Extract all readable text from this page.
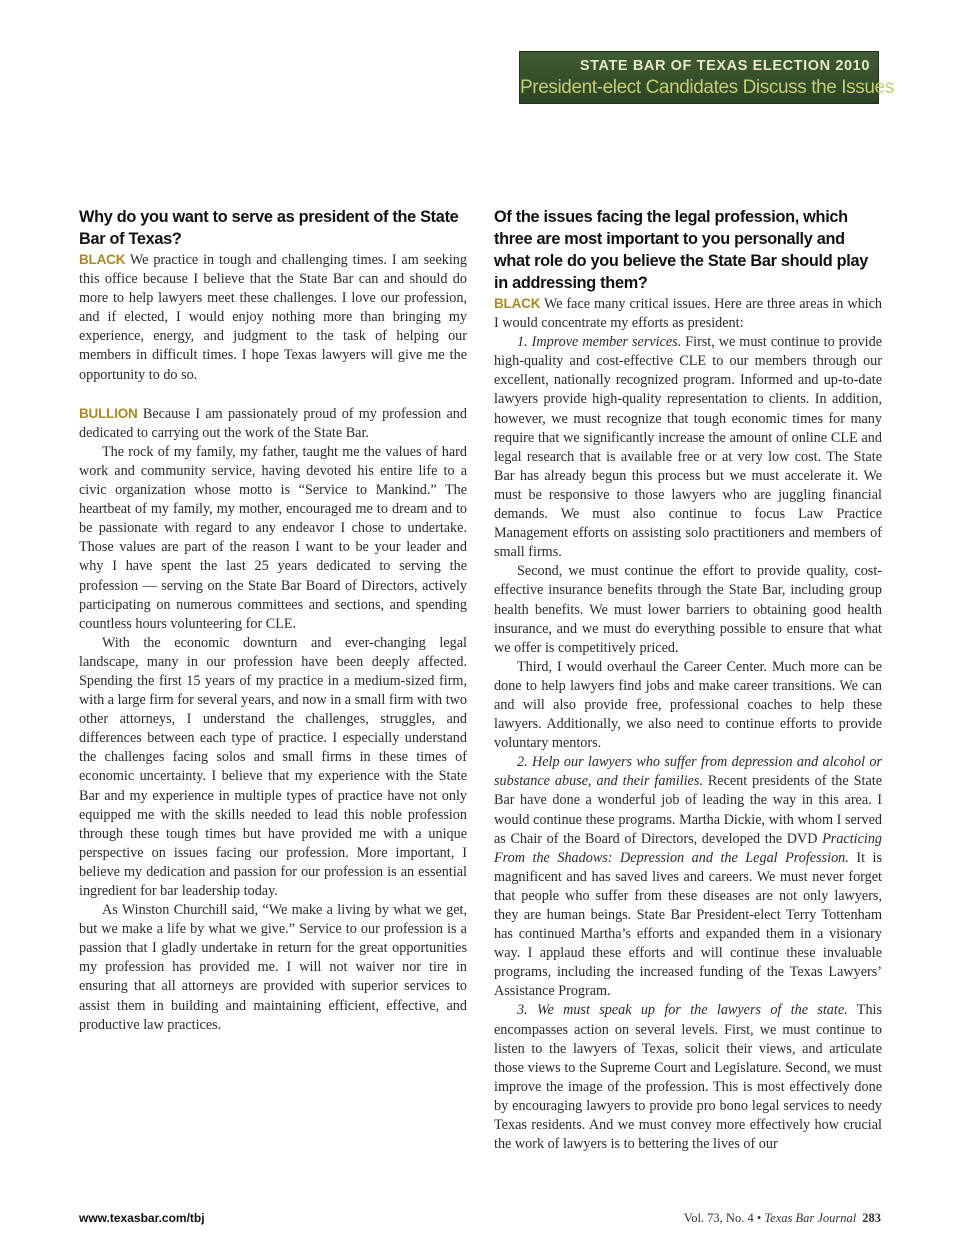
STATE BAR OF TEXAS ELECTION 2010
President-elect Candidates Discuss the Issues
Why do you want to serve as president of the State Bar of Texas?

BLACK We practice in tough and challenging times. I am seeking this office because I believe that the State Bar can and should do more to help lawyers meet these challenges. I love our profession, and if elected, I would enjoy nothing more than bringing my experience, energy, and judgment to the task of helping our members in difficult times. I hope Texas lawyers will give me the opportunity to do so.

BULLION Because I am passionately proud of my profession and dedicated to carrying out the work of the State Bar.

The rock of my family, my father, taught me the values of hard work and community service, having devoted his entire life to a civic organization whose motto is “Service to Mankind.” The heartbeat of my family, my mother, encouraged me to dream and to be passionate with regard to any endeavor I chose to undertake. Those values are part of the reason I want to be your leader and why I have spent the last 25 years dedicated to serving the profession — serving on the State Bar Board of Directors, actively participating on numerous committees and sections, and spending countless hours volunteering for CLE.

With the economic downturn and ever-changing legal landscape, many in our profession have been deeply affected. Spending the first 15 years of my practice in a medium-sized firm, with a large firm for several years, and now in a small firm with two other attorneys, I understand the challenges, struggles, and differences between each type of practice. I especially understand the challenges facing solos and small firms in these times of economic uncertainty. I believe that my experience with the State Bar and my experience in multiple types of practice have not only equipped me with the skills needed to lead this noble profession through these tough times but have provided me with a unique perspective on issues facing our profession. More important, I believe my dedication and passion for our profession is an essential ingredient for bar leadership today.

As Winston Churchill said, “We make a living by what we get, but we make a life by what we give.” Service to our profession is a passion that I gladly undertake in return for the great opportunities my profession has provided me. I will not waiver nor tire in ensuring that all attorneys are provided with superior services to assist them in building and maintaining efficient, effective, and productive law practices.

Of the issues facing the legal profession, which three are most important to you personally and what role do you believe the State Bar should play in addressing them?

BLACK We face many critical issues. Here are three areas in which I would concentrate my efforts as president:

1. Improve member services. First, we must continue to provide high-quality and cost-effective CLE to our members through our excellent, nationally recognized program. Informed and up-to-date lawyers provide high-quality representation to clients. In addition, however, we must recognize that tough economic times for many require that we significantly increase the amount of online CLE and legal research that is available free or at very low cost. The State Bar has already begun this process but we must accelerate it. We must be responsive to those lawyers who are juggling financial demands. We must also continue to focus Law Practice Management efforts on assisting solo practitioners and members of small firms.

Second, we must continue the effort to provide quality, cost-effective insurance benefits through the State Bar, including group health benefits. We must lower barriers to obtaining good health insurance, and we must do everything possible to ensure that what we offer is competitively priced.

Third, I would overhaul the Career Center. Much more can be done to help lawyers find jobs and make career transitions. We can and will also provide free, professional coaches to help these lawyers. Additionally, we also need to continue efforts to provide voluntary mentors.

2. Help our lawyers who suffer from depression and alcohol or substance abuse, and their families. Recent presidents of the State Bar have done a wonderful job of leading the way in this area. I would continue these programs. Martha Dickie, with whom I served as Chair of the Board of Directors, developed the DVD Practicing From the Shadows: Depression and the Legal Profession. It is magnificent and has saved lives and careers. We must never forget that people who suffer from these diseases are not only lawyers, they are human beings. State Bar President-elect Terry Tottenham has continued Martha’s efforts and expanded them in a visionary way. I applaud these efforts and will continue these invaluable programs, including the increased funding of the Texas Lawyers’ Assistance Program.

3. We must speak up for the lawyers of the state. This encompasses action on several levels. First, we must continue to listen to the lawyers of Texas, solicit their views, and articulate those views to the Supreme Court and Legislature. Second, we must improve the image of the profession. This is most effectively done by encouraging lawyers to provide pro bono legal services to needy Texas residents. And we must convey more effectively how crucial the work of lawyers is to bettering the lives of our

www.texasbar.com/tbj	Vol. 73, No. 4 • Texas Bar Journal 283
